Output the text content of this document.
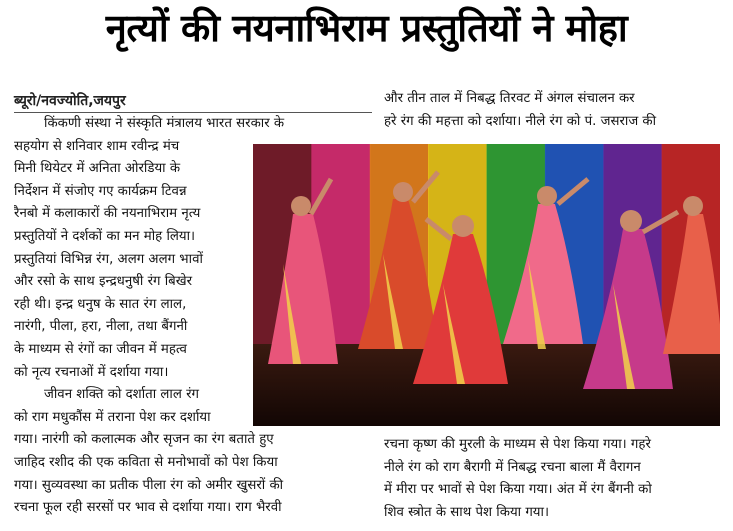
नृत्यों की नयनाभिराम प्रस्तुतियों ने मोहा
ब्यूरो/नवज्योति,जयपुर
किंकणी संस्था ने संस्कृति मंत्रालय भारत सरकार के
सहयोग से शनिवार शाम रवीन्द्र मंच
मिनी थियेटर में अनिता ओरडिया के
निर्देशन में संजोए गए कार्यक्रम टिवन्न
रैनबो में कलाकारों की नयनाभिराम नृत्य
प्रस्तुतियों ने दर्शकों का मन मोह लिया।
प्रस्तुतियां विभिन्न रंग, अलग अलग भावों
और रसो के साथ इन्द्रधनुषी रंग बिखेर
रही थी। इन्द्र धनुष के सात रंग लाल,
नारंगी, पीला, हरा, नीला, तथा बैंगनी
के माध्यम से रंगों का जीवन में महत्व
को नृत्य रचनाओं में दर्शाया गया।
जीवन शक्ति को दर्शाता लाल रंग
को राग मधुकौंस में तराना पेश कर दर्शाया
गया। नारंगी को कलात्मक और सृजन का रंग बताते हुए
जाहिद रशीद की एक कविता से मनोभावों को पेश किया
गया। सुव्यवस्था का प्रतीक पीला रंग को अमीर खुसरों की
रचना फूल रही सरसों पर भाव से दर्शाया गया। राग भैरवी
और तीन ताल में निबद्ध तिरवट में अंगल संचालन कर
हरे रंग की महत्ता को दर्शाया। नीले रंग को पं. जसराज की
रचना कृष्ण की मुरली के माध्यम से पेश किया गया। गहरे
नीले रंग को राग बैरागी में निबद्ध रचना बाला मैं वैरागन
में मीरा पर भावों से पेश किया गया। अंत में रंग बैंगनी को
शिव स्त्रोत के साथ पेश किया गया।
